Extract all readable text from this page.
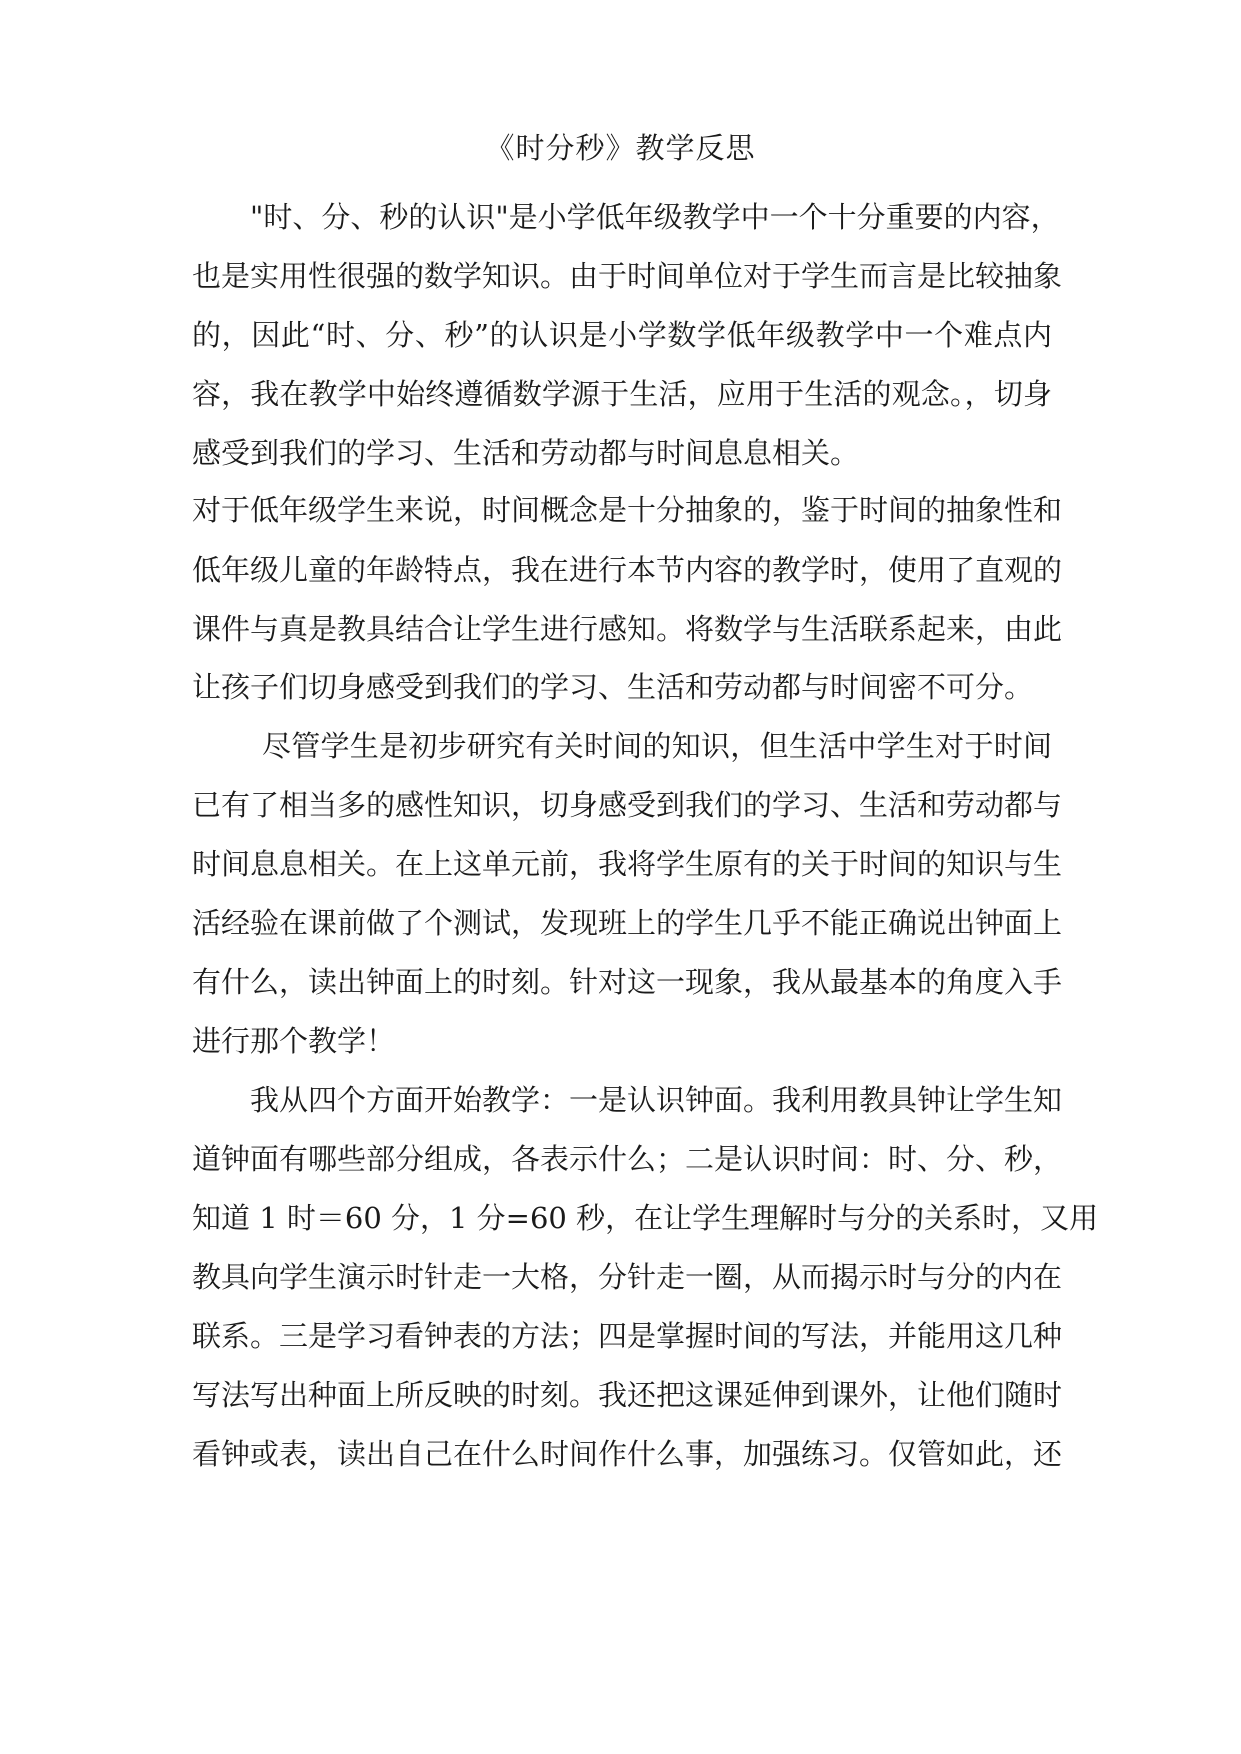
《时分秒》教学反思
"时、分、秒的认识"是小学低年级教学中一个十分重要的内容，
也是实用性很强的数学知识。由于时间单位对于学生而言是比较抽象
的，因此“时、分、秒”的认识是小学数学低年级教学中一个难点内
容，我在教学中始终遵循数学源于生活，应用于生活的观念。，切身
感受到我们的学习、生活和劳动都与时间息息相关。
对于低年级学生来说，时间概念是十分抽象的，鉴于时间的抽象性和
低年级儿童的年龄特点，我在进行本节内容的教学时，使用了直观的
课件与真是教具结合让学生进行感知。将数学与生活联系起来，由此
让孩子们切身感受到我们的学习、生活和劳动都与时间密不可分。
尽管学生是初步研究有关时间的知识，但生活中学生对于时间
已有了相当多的感性知识，切身感受到我们的学习、生活和劳动都与
时间息息相关。在上这单元前，我将学生原有的关于时间的知识与生
活经验在课前做了个测试，发现班上的学生几乎不能正确说出钟面上
有什么，读出钟面上的时刻。针对这一现象，我从最基本的角度入手
进行那个教学！
我从四个方面开始教学：一是认识钟面。我利用教具钟让学生知
道钟面有哪些部分组成，各表示什么；二是认识时间：时、分、秒，
知道 1 时＝60 分，1 分=60 秒，在让学生理解时与分的关系时，又用
教具向学生演示时针走一大格，分针走一圈，从而揭示时与分的内在
联系。三是学习看钟表的方法；四是掌握时间的写法，并能用这几种
写法写出种面上所反映的时刻。我还把这课延伸到课外，让他们随时
看钟或表，读出自己在什么时间作什么事，加强练习。仅管如此，还
